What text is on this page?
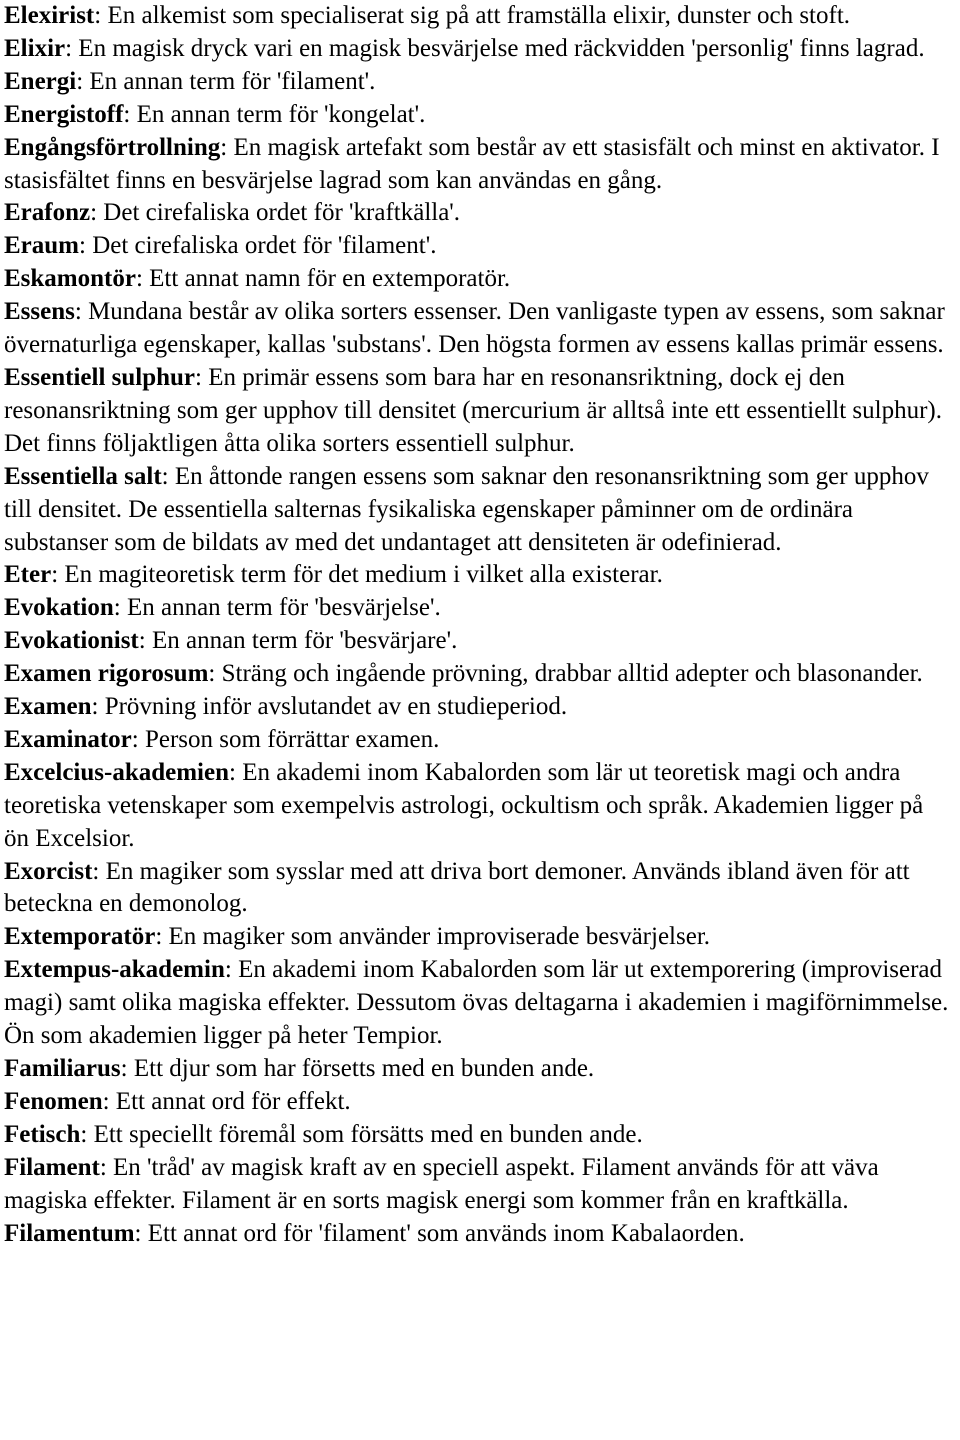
Elexirist: En alkemist som specialiserat sig på att framställa elixir, dunster och stoft.

Elixir: En magisk dryck vari en magisk besvärjelse med räckvidden 'personlig' finns lagrad.

Energi: En annan term för 'filament'.

Energistoff: En annan term för 'kongelat'.

Engångsförtrollning: En magisk artefakt som består av ett stasisfält och minst en aktivator. I stasisfältet finns en besvärjelse lagrad som kan användas en gång.

Erafonz: Det cirefaliska ordet för 'kraftkälla'.

Eraum: Det cirefaliska ordet för 'filament'.

Eskamontör: Ett annat namn för en extemporatör.

Essens: Mundana består av olika sorters essenser. Den vanligaste typen av essens, som saknar övernaturliga egenskaper, kallas 'substans'. Den högsta formen av essens kallas primär essens.

Essentiell sulphur: En primär essens som bara har en resonansriktning, dock ej den resonansriktning som ger upphov till densitet (mercurium är alltså inte ett essentiellt sulphur). Det finns följaktligen åtta olika sorters essentiell sulphur.

Essentiella salt: En åttonde rangen essens som saknar den resonansriktning som ger upphov till densitet. De essentiella salternas fysikaliska egenskaper påminner om de ordinära substanser som de bildats av med det undantaget att densiteten är odefinierad.

Eter: En magiteoretisk term för det medium i vilket alla existerar.

Evokation: En annan term för 'besvärjelse'.

Evokationist: En annan term för 'besvärjare'.

Examen rigorosum: Sträng och ingående prövning, drabbar alltid adepter och blasonander.

Examen: Prövning inför avslutandet av en studieperiod.

Examinator: Person som förrättar examen.

Excelcius-akademien: En akademi inom Kabalorden som lär ut teoretisk magi och andra teoretiska vetenskaper som exempelvis astrologi, ockultism och språk. Akademien ligger på ön Excelsior.

Exorcist: En magiker som sysslar med att driva bort demoner. Används ibland även för att beteckna en demonolog.

Extemporatör: En magiker som använder improviserade besvärjelser.

Extempus-akademin: En akademi inom Kabalorden som lär ut extemporering (improviserad magi) samt olika magiska effekter. Dessutom övas deltagarna i akademien i magiförnimmelse. Ön som akademien ligger på heter Tempior.

Familiarus: Ett djur som har försetts med en bunden ande.

Fenomen: Ett annat ord för effekt.

Fetisch: Ett speciellt föremål som försätts med en bunden ande.

Filament: En 'tråd' av magisk kraft av en speciell aspekt. Filament används för att väva magiska effekter. Filament är en sorts magisk energi som kommer från en kraftkälla.

Filamentum: Ett annat ord för 'filament' som används inom Kabalaorden.
